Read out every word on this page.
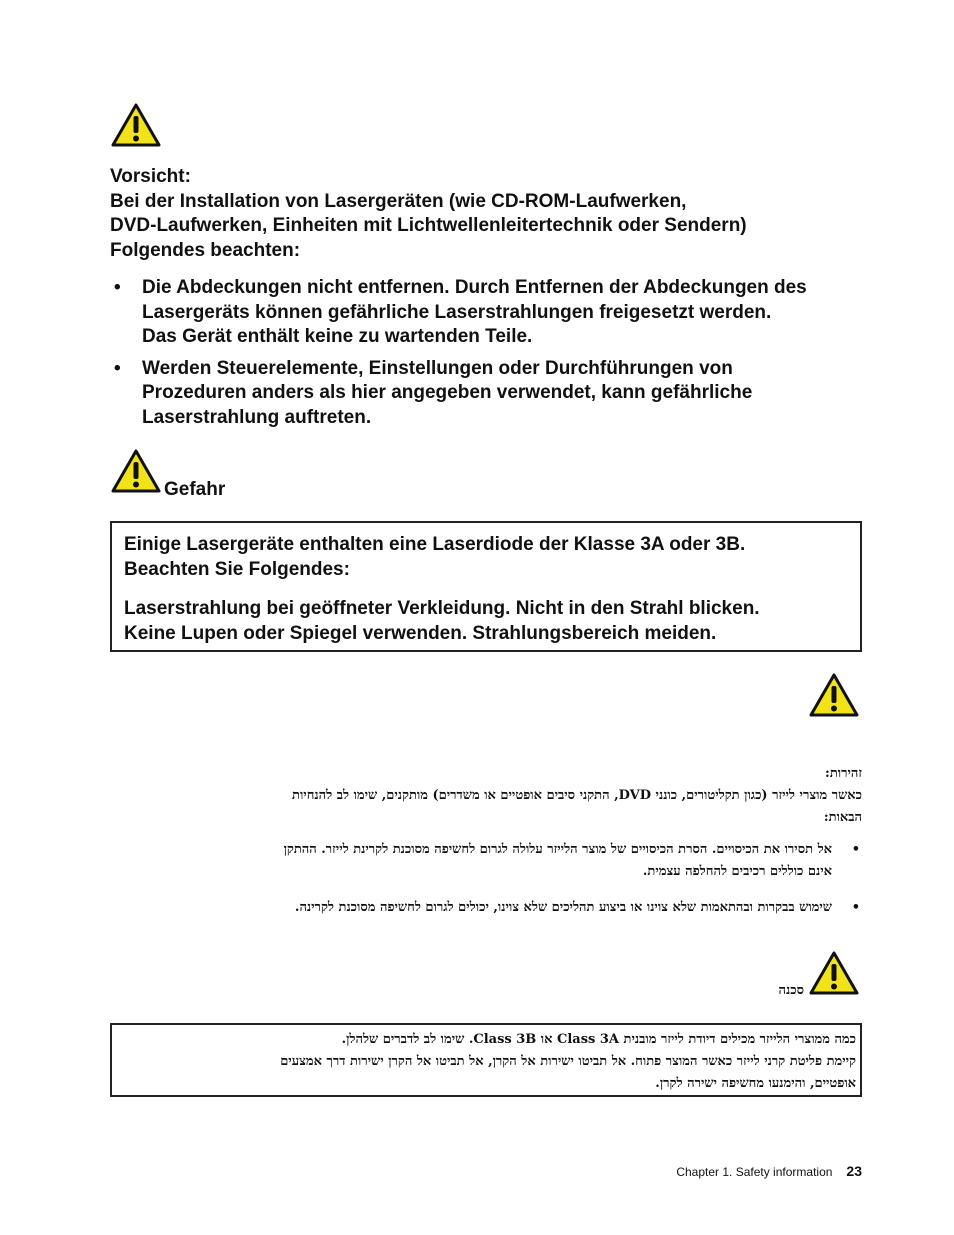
Vorsicht:
Bei der Installation von Lasergeräten (wie CD-ROM-Laufwerken,
DVD-Laufwerken, Einheiten mit Lichtwellenleitertechnik oder Sendern)
Folgendes beachten:
• Die Abdeckungen nicht entfernen. Durch Entfernen der Abdeckungen des
Lasergeräts können gefährliche Laserstrahlungen freigesetzt werden.
Das Gerät enthält keine zu wartenden Teile.
• Werden Steuerelemente, Einstellungen oder Durchführungen von
Prozeduren anders als hier angegeben verwendet, kann gefährliche
Laserstrahlung auftreten.
Gefahr

Einige Lasergeräte enthalten eine Laserdiode der Klasse 3A oder 3B.
Beachten Sie Folgendes:

Laserstrahlung bei geöffneter Verkleidung. Nicht in den Strahl blicken.
Keine Lupen oder Spiegel verwenden. Strahlungsbereich meiden.

זהירות:
כאשר מוצרי לייזר (כגון תקליטורים, כונני DVD, התקני סיבים אופטיים או משדרים) מותקנים, שימו לב להנחיות
הבאות:
•
אל תסירו את הכיסויים. הסרת הכיסויים של מוצר הלייזר עלולה לגרום לחשיפה מסוכנת לקרינת לייזר. ההתקן
אינם כוללים רכיבים להחלפה עצמית.
•
שימוש בבקרות ובהתאמות שלא צוינו או ביצוע תהליכים שלא צוינו, יכולים לגרום לחשיפה מסוכנת לקרינה.
סכנה
כמה ממוצרי הלייזר מכילים דיודת לייזר מובנית Class 3A או Class 3B. שימו לב לדברים שלהלן.
קיימת פליטת קרני לייזר כאשר המוצר פתוח. אל תביטו ישירות אל הקרן, אל תביטו אל הקרן ישירות דרך אמצעים
אופטיים, והימנעו מחשיפה ישירה לקרן.
Chapter 1. Safety information 23
